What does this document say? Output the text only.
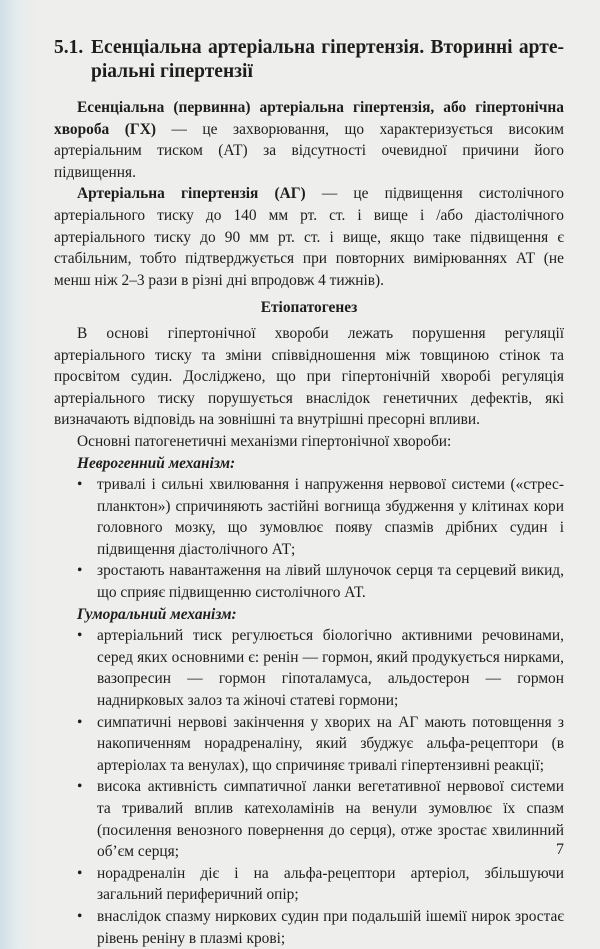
5.1. Есенціальна артеріальна гіпертензія. Вторинні арте-ріальні гіпертензії

Есенціальна (первинна) артеріальна гіпертензія, або гіпертонічна хвороба (ГХ) — це захворювання, що характеризується високим артеріальним тиском (АТ) за відсутності очевидної причини його підвищення.

Артеріальна гіпертензія (АГ) — це підвищення систолічного артеріального тиску до 140 мм рт. ст. і вище і /або діастолічного артеріального тиску до 90 мм рт. ст. і вище, якщо таке підвищення є стабільним, тобто підтверджується при повторних вимірюваннях АТ (не менш ніж 2–3 рази в різні дні впродовж 4 тижнів).

Етіопатогенез

В основі гіпертонічної хвороби лежать порушення регуляції артеріального тиску та зміни співвідношення між товщиною стінок та просвітом судин. Досліджено, що при гіпертонічній хворобі регуляція артеріального тиску порушується внаслідок генетичних дефектів, які визначають відповідь на зовнішні та внутрішні пресорні впливи.

Основні патогенетичні механізми гіпертонічної хвороби:

Неврогенний механізм:
• тривалі і сильні хвилювання і напруження нервової системи («стрес-планктон») спричиняють застійні вогнища збудження у клітинах кори головного мозку, що зумовлює появу спазмів дрібних судин і підвищення діастолічного АТ;
• зростають навантаження на лівий шлуночок серця та серцевий викид, що сприяє підвищенню систолічного АТ.
Гуморальний механізм:
• артеріальний тиск регулюється біологічно активними речовинами, серед яких основними є: ренін — гормон, який продукується нирками, вазопресин — гормон гіпоталамуса, альдостерон — гормон наднирковых залоз та жіночі статеві гормони;
• симпатичні нервові закінчення у хворих на АГ мають потовщення з накопиченням норадреналіну, який збуджує альфа-рецептори (в артеріолах та венулах), що спричиняє тривалі гіпертензивні реакції;
• висока активність симпатичної ланки вегетативної нервової системи та тривалий вплив катехоламінів на венули зумовлює їх спазм (посилення венозного повернення до серця), отже зростає хвилинний об’єм серця;
• норадреналін діє і на альфа-рецептори артеріол, збільшуючи загальний периферичний опір;
• внаслідок спазму ниркових судин при подальшій ішемії нирок зростає рівень реніну в плазмі крові;
7
